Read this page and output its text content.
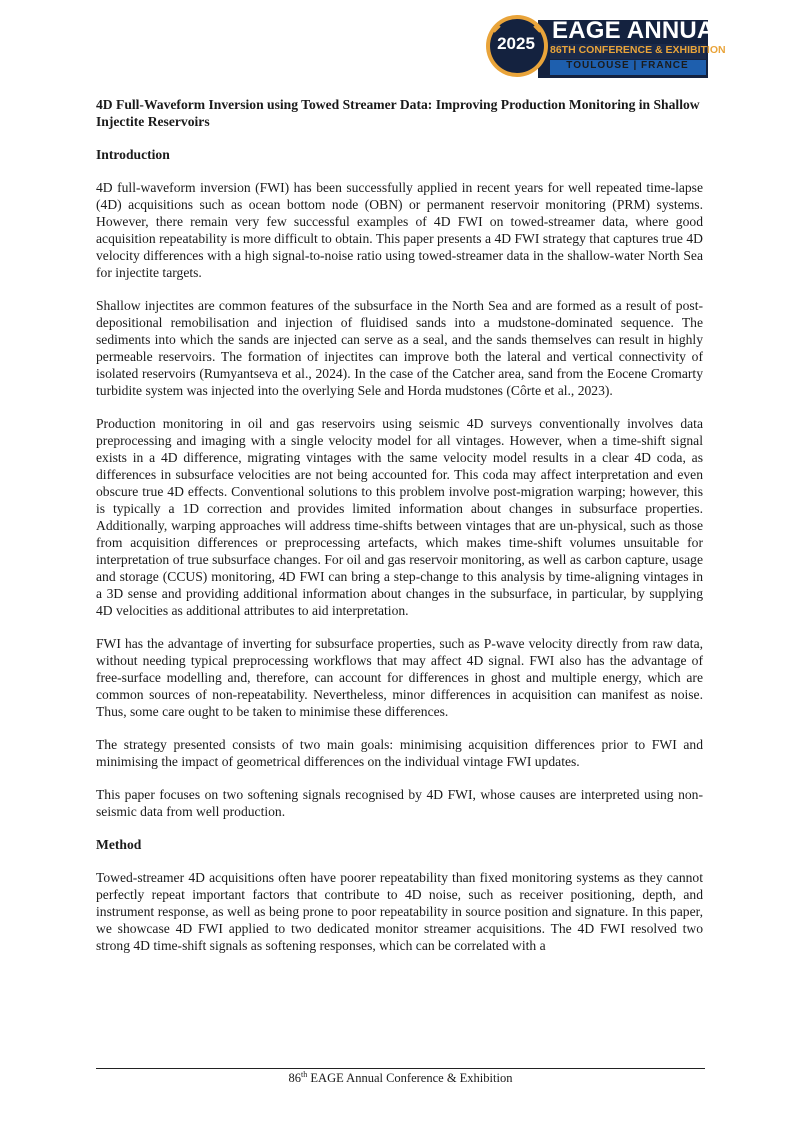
2025 EAGE ANNUAL
86TH CONFERENCE & EXHIBITION
TOULOUSE | FRANCE
4D Full-Waveform Inversion using Towed Streamer Data: Improving Production Monitoring in Shallow Injectite Reservoirs
Introduction

4D full-waveform inversion (FWI) has been successfully applied in recent years for well repeated time-lapse (4D) acquisitions such as ocean bottom node (OBN) or permanent reservoir monitoring (PRM) systems. However, there remain very few successful examples of 4D FWI on towed-streamer data, where good acquisition repeatability is more difficult to obtain. This paper presents a 4D FWI strategy that captures true 4D velocity differences with a high signal-to-noise ratio using towed-streamer data in the shallow-water North Sea for injectite targets.

Shallow injectites are common features of the subsurface in the North Sea and are formed as a result of post-depositional remobilisation and injection of fluidised sands into a mudstone-dominated sequence. The sediments into which the sands are injected can serve as a seal, and the sands themselves can result in highly permeable reservoirs. The formation of injectites can improve both the lateral and vertical connectivity of isolated reservoirs (Rumyantseva et al., 2024). In the case of the Catcher area, sand from the Eocene Cromarty turbidite system was injected into the overlying Sele and Horda mudstones (Côrte et al., 2023).

Production monitoring in oil and gas reservoirs using seismic 4D surveys conventionally involves data preprocessing and imaging with a single velocity model for all vintages. However, when a time-shift signal exists in a 4D difference, migrating vintages with the same velocity model results in a clear 4D coda, as differences in subsurface velocities are not being accounted for. This coda may affect interpretation and even obscure true 4D effects. Conventional solutions to this problem involve post-migration warping; however, this is typically a 1D correction and provides limited information about changes in subsurface properties. Additionally, warping approaches will address time-shifts between vintages that are un-physical, such as those from acquisition differences or preprocessing artefacts, which makes time-shift volumes unsuitable for interpretation of true subsurface changes. For oil and gas reservoir monitoring, as well as carbon capture, usage and storage (CCUS) monitoring, 4D FWI can bring a step-change to this analysis by time-aligning vintages in a 3D sense and providing additional information about changes in the subsurface, in particular, by supplying 4D velocities as additional attributes to aid interpretation.

FWI has the advantage of inverting for subsurface properties, such as P-wave velocity directly from raw data, without needing typical preprocessing workflows that may affect 4D signal. FWI also has the advantage of free-surface modelling and, therefore, can account for differences in ghost and multiple energy, which are common sources of non-repeatability. Nevertheless, minor differences in acquisition can manifest as noise. Thus, some care ought to be taken to minimise these differences.

The strategy presented consists of two main goals: minimising acquisition differences prior to FWI and minimising the impact of geometrical differences on the individual vintage FWI updates.

This paper focuses on two softening signals recognised by 4D FWI, whose causes are interpreted using non-seismic data from well production.

Method

Towed-streamer 4D acquisitions often have poorer repeatability than fixed monitoring systems as they cannot perfectly repeat important factors that contribute to 4D noise, such as receiver positioning, depth, and instrument response, as well as being prone to poor repeatability in source position and signature. In this paper, we showcase 4D FWI applied to two dedicated monitor streamer acquisitions. The 4D FWI resolved two strong 4D time-shift signals as softening responses, which can be correlated with a

86th EAGE Annual Conference & Exhibition
